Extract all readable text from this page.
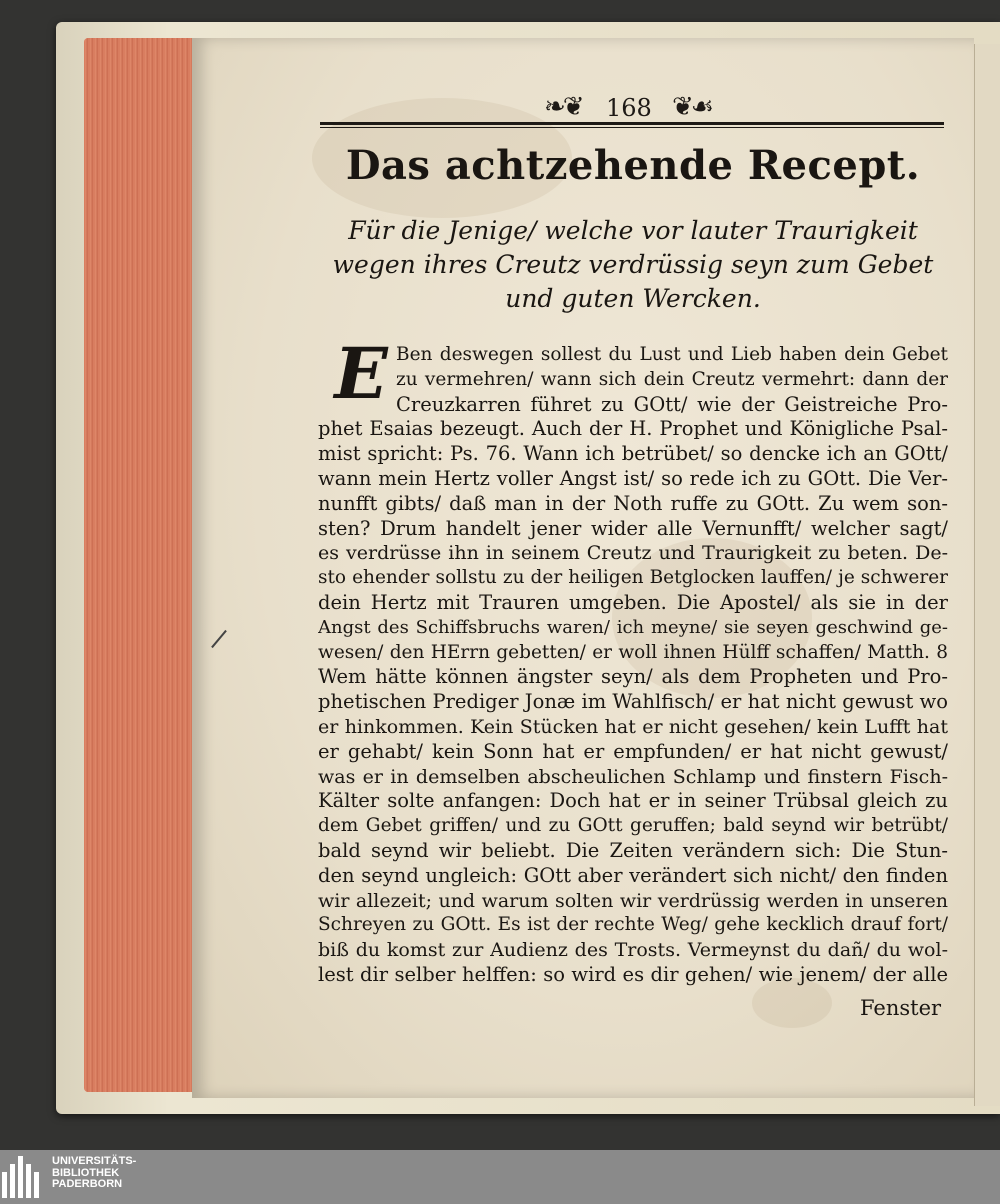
❧❦ 168 ❦☙
Das achtzehende Recept.
Für die Jenige/ welche vor lauter Traurigkeit
wegen ihres Creutz verdrüssig seyn zum Gebet
und guten Wercken.
E Ben deswegen sollest du Lust und Lieb haben dein Gebet
zu vermehren/ wann sich dein Creutz vermehrt: dann der
Creuzkarren führet zu GOtt/ wie der Geistreiche Pro-
phet Esaias bezeugt. Auch der H. Prophet und Königliche Psal-
mist spricht: Ps. 76. Wann ich betrübet/ so dencke ich an GOtt/
wann mein Hertz voller Angst ist/ so rede ich zu GOtt. Die Ver-
nunfft gibts/ daß man in der Noth ruffe zu GOtt. Zu wem son-
sten? Drum handelt jener wider alle Vernunfft/ welcher sagt/
es verdrüsse ihn in seinem Creutz und Traurigkeit zu beten. De-
sto ehender sollstu zu der heiligen Betglocken lauffen/ je schwerer
dein Hertz mit Trauren umgeben. Die Apostel/ als sie in der
Angst des Schiffsbruchs waren/ ich meyne/ sie seyen geschwind ge-
wesen/ den HErrn gebetten/ er woll ihnen Hülff schaffen/ Matth. 8
Wem hätte können ängster seyn/ als dem Propheten und Pro-
phetischen Prediger Jonæ im Wahlfisch/ er hat nicht gewust wo
er hinkommen. Kein Stücken hat er nicht gesehen/ kein Lufft hat
er gehabt/ kein Sonn hat er empfunden/ er hat nicht gewust/
was er in demselben abscheulichen Schlamp und finstern Fisch-
Kälter solte anfangen: Doch hat er in seiner Trübsal gleich zu
dem Gebet griffen/ und zu GOtt geruffen; bald seynd wir betrübt/
bald seynd wir beliebt. Die Zeiten verändern sich: Die Stun-
den seynd ungleich: GOtt aber verändert sich nicht/ den finden
wir allezeit; und warum solten wir verdrüssig werden in unseren
Schreyen zu GOtt. Es ist der rechte Weg/ gehe kecklich drauf fort/
biß du komst zur Audienz des Trosts. Vermeynst du dañ/ du wol-
lest dir selber helffen: so wird es dir gehen/ wie jenem/ der alle
Fenster
UNIVERSITÄTS-
BIBLIOTHEK
PADERBORN
